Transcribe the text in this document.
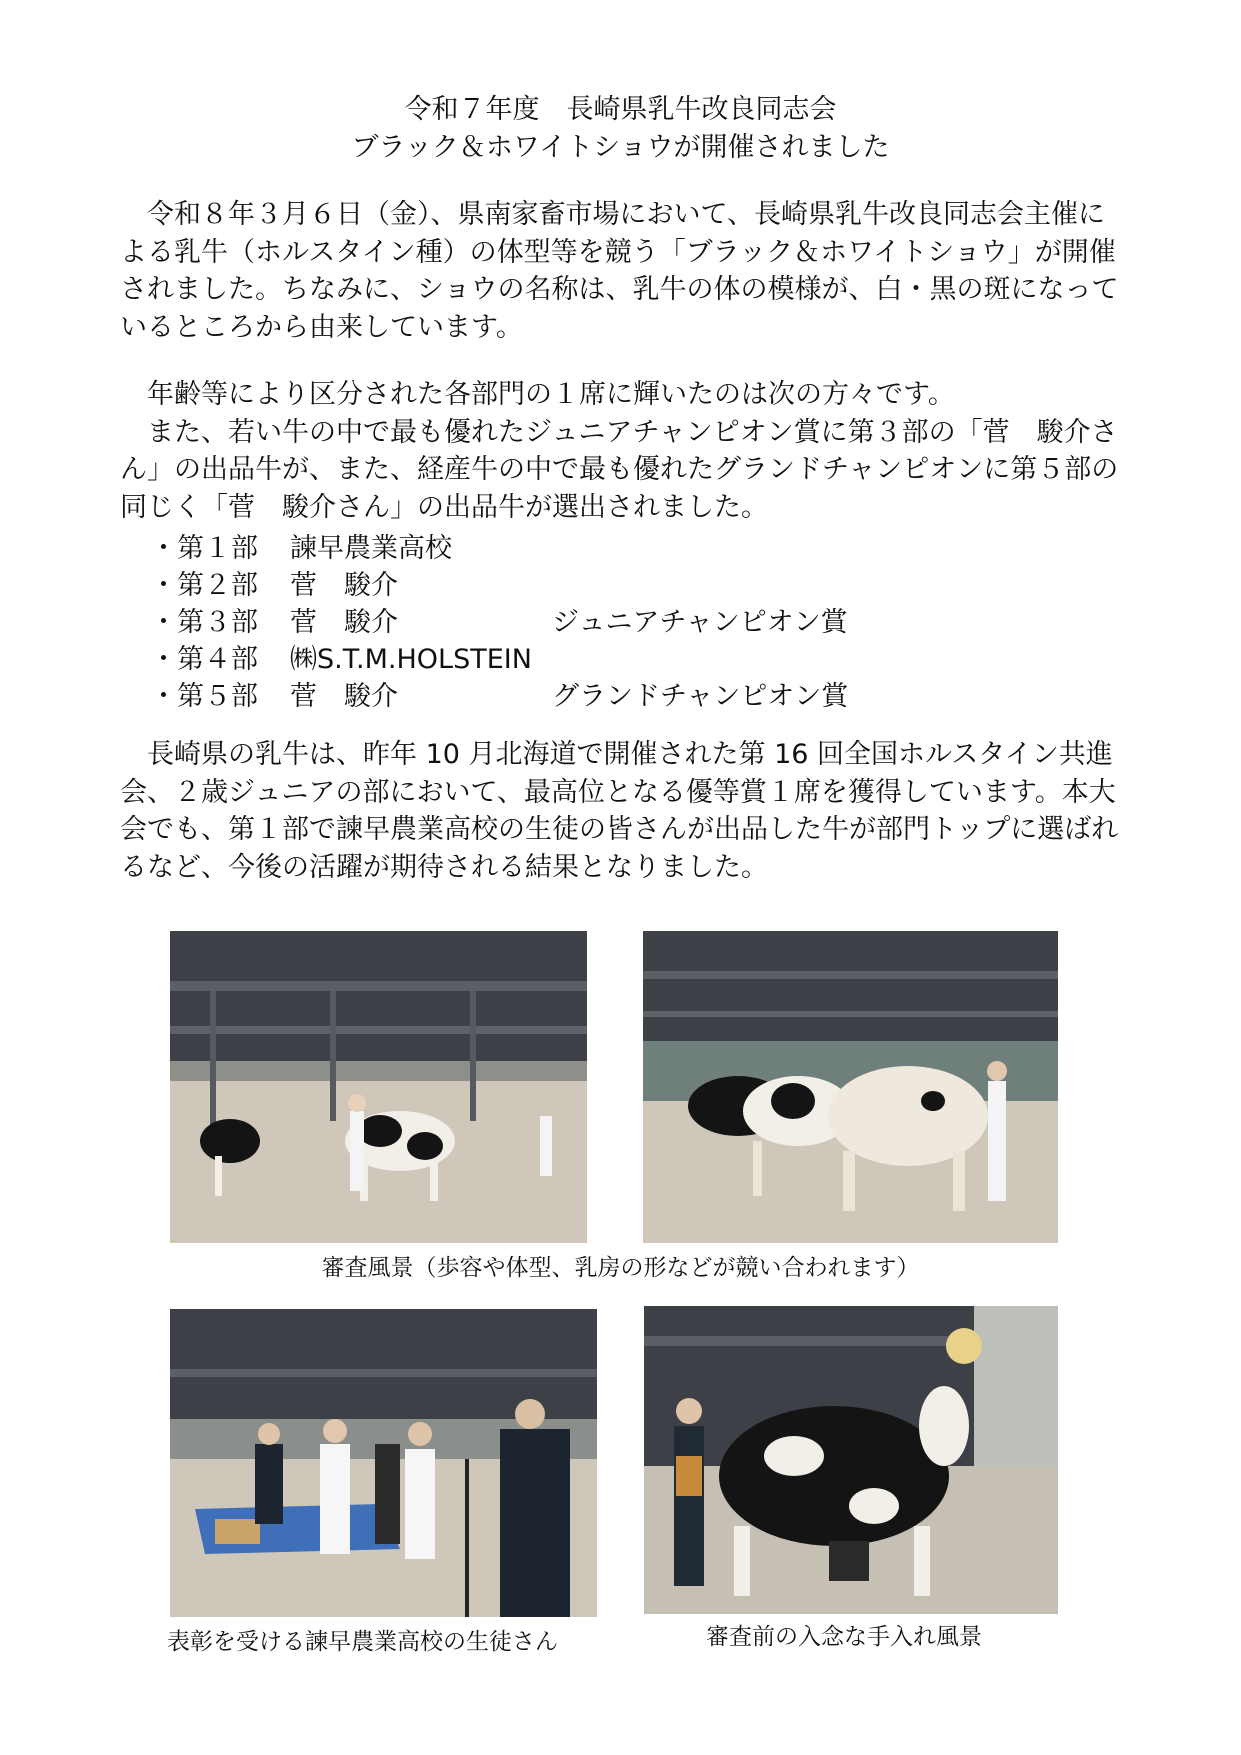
令和７年度　長崎県乳牛改良同志会
ブラック＆ホワイトショウが開催されました

　令和８年３月６日（金）、県南家畜市場において、長崎県乳牛改良同志会主催による乳牛（ホルスタイン種）の体型等を競う「ブラック＆ホワイトショウ」が開催されました。ちなみに、ショウの名称は、乳牛の体の模様が、白・黒の斑になっているところから由来しています。

　年齢等により区分された各部門の１席に輝いたのは次の方々です。
　また、若い牛の中で最も優れたジュニアチャンピオン賞に第３部の「菅　駿介さん」の出品牛が、また、経産牛の中で最も優れたグランドチャンピオンに第５部の同じく「菅　駿介さん」の出品牛が選出されました。
・第１部	諫早農業高校
・第２部	菅　駿介
・第３部	菅　駿介	ジュニアチャンピオン賞
・第４部	㈱S.T.M.HOLSTEIN
・第５部	菅　駿介	グランドチャンピオン賞

　長崎県の乳牛は、昨年 10 月北海道で開催された第 16 回全国ホルスタイン共進会、２歳ジュニアの部において、最高位となる優等賞１席を獲得しています。本大会でも、第１部で諫早農業高校の生徒の皆さんが出品した牛が部門トップに選ばれるなど、今後の活躍が期待される結果となりました。

審査風景（歩容や体型、乳房の形などが競い合われます）
表彰を受ける諫早農業高校の生徒さん	審査前の入念な手入れ風景
